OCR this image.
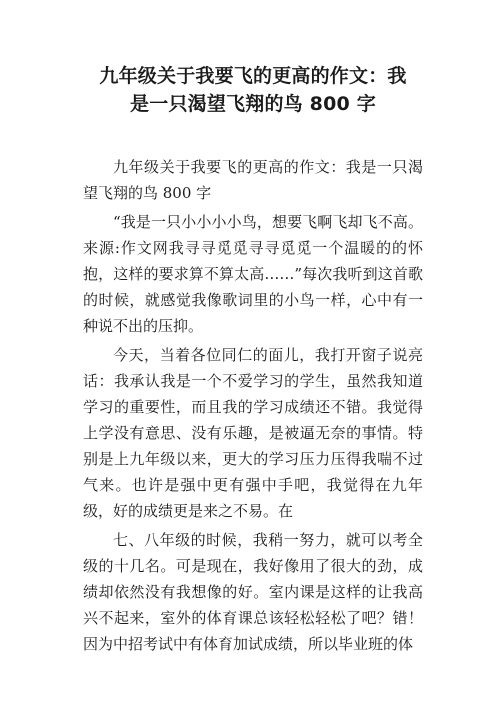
九年级关于我要飞的更高的作文：我
是一只渴望飞翔的鸟 800 字

九年级关于我要飞的更高的作文：我是一只渴望飞翔的鸟 800 字

“我是一只小小小小鸟，想要飞啊飞却飞不高。来源:作文网我寻寻觅觅寻寻觅觅一个温暖的的怀抱，这样的要求算不算太高……”每次我听到这首歌的时候，就感觉我像歌词里的小鸟一样，心中有一种说不出的压抑。

今天，当着各位同仁的面儿，我打开窗子说亮话：我承认我是一个不爱学习的学生，虽然我知道学习的重要性，而且我的学习成绩还不错。我觉得上学没有意思、没有乐趣，是被逼无奈的事情。特别是上九年级以来，更大的学习压力压得我喘不过气来。也许是强中更有强中手吧，我觉得在九年级，好的成绩更是来之不易。在

七、八年级的时候，我稍一努力，就可以考全级的十几名。可是现在，我好像用了很大的劲，成绩却依然没有我想像的好。室内课是这样的让我高兴不起来，室外的体育课总该轻松轻松了吧？错！因为中招考试中有体育加试成绩，所以毕业班的体
